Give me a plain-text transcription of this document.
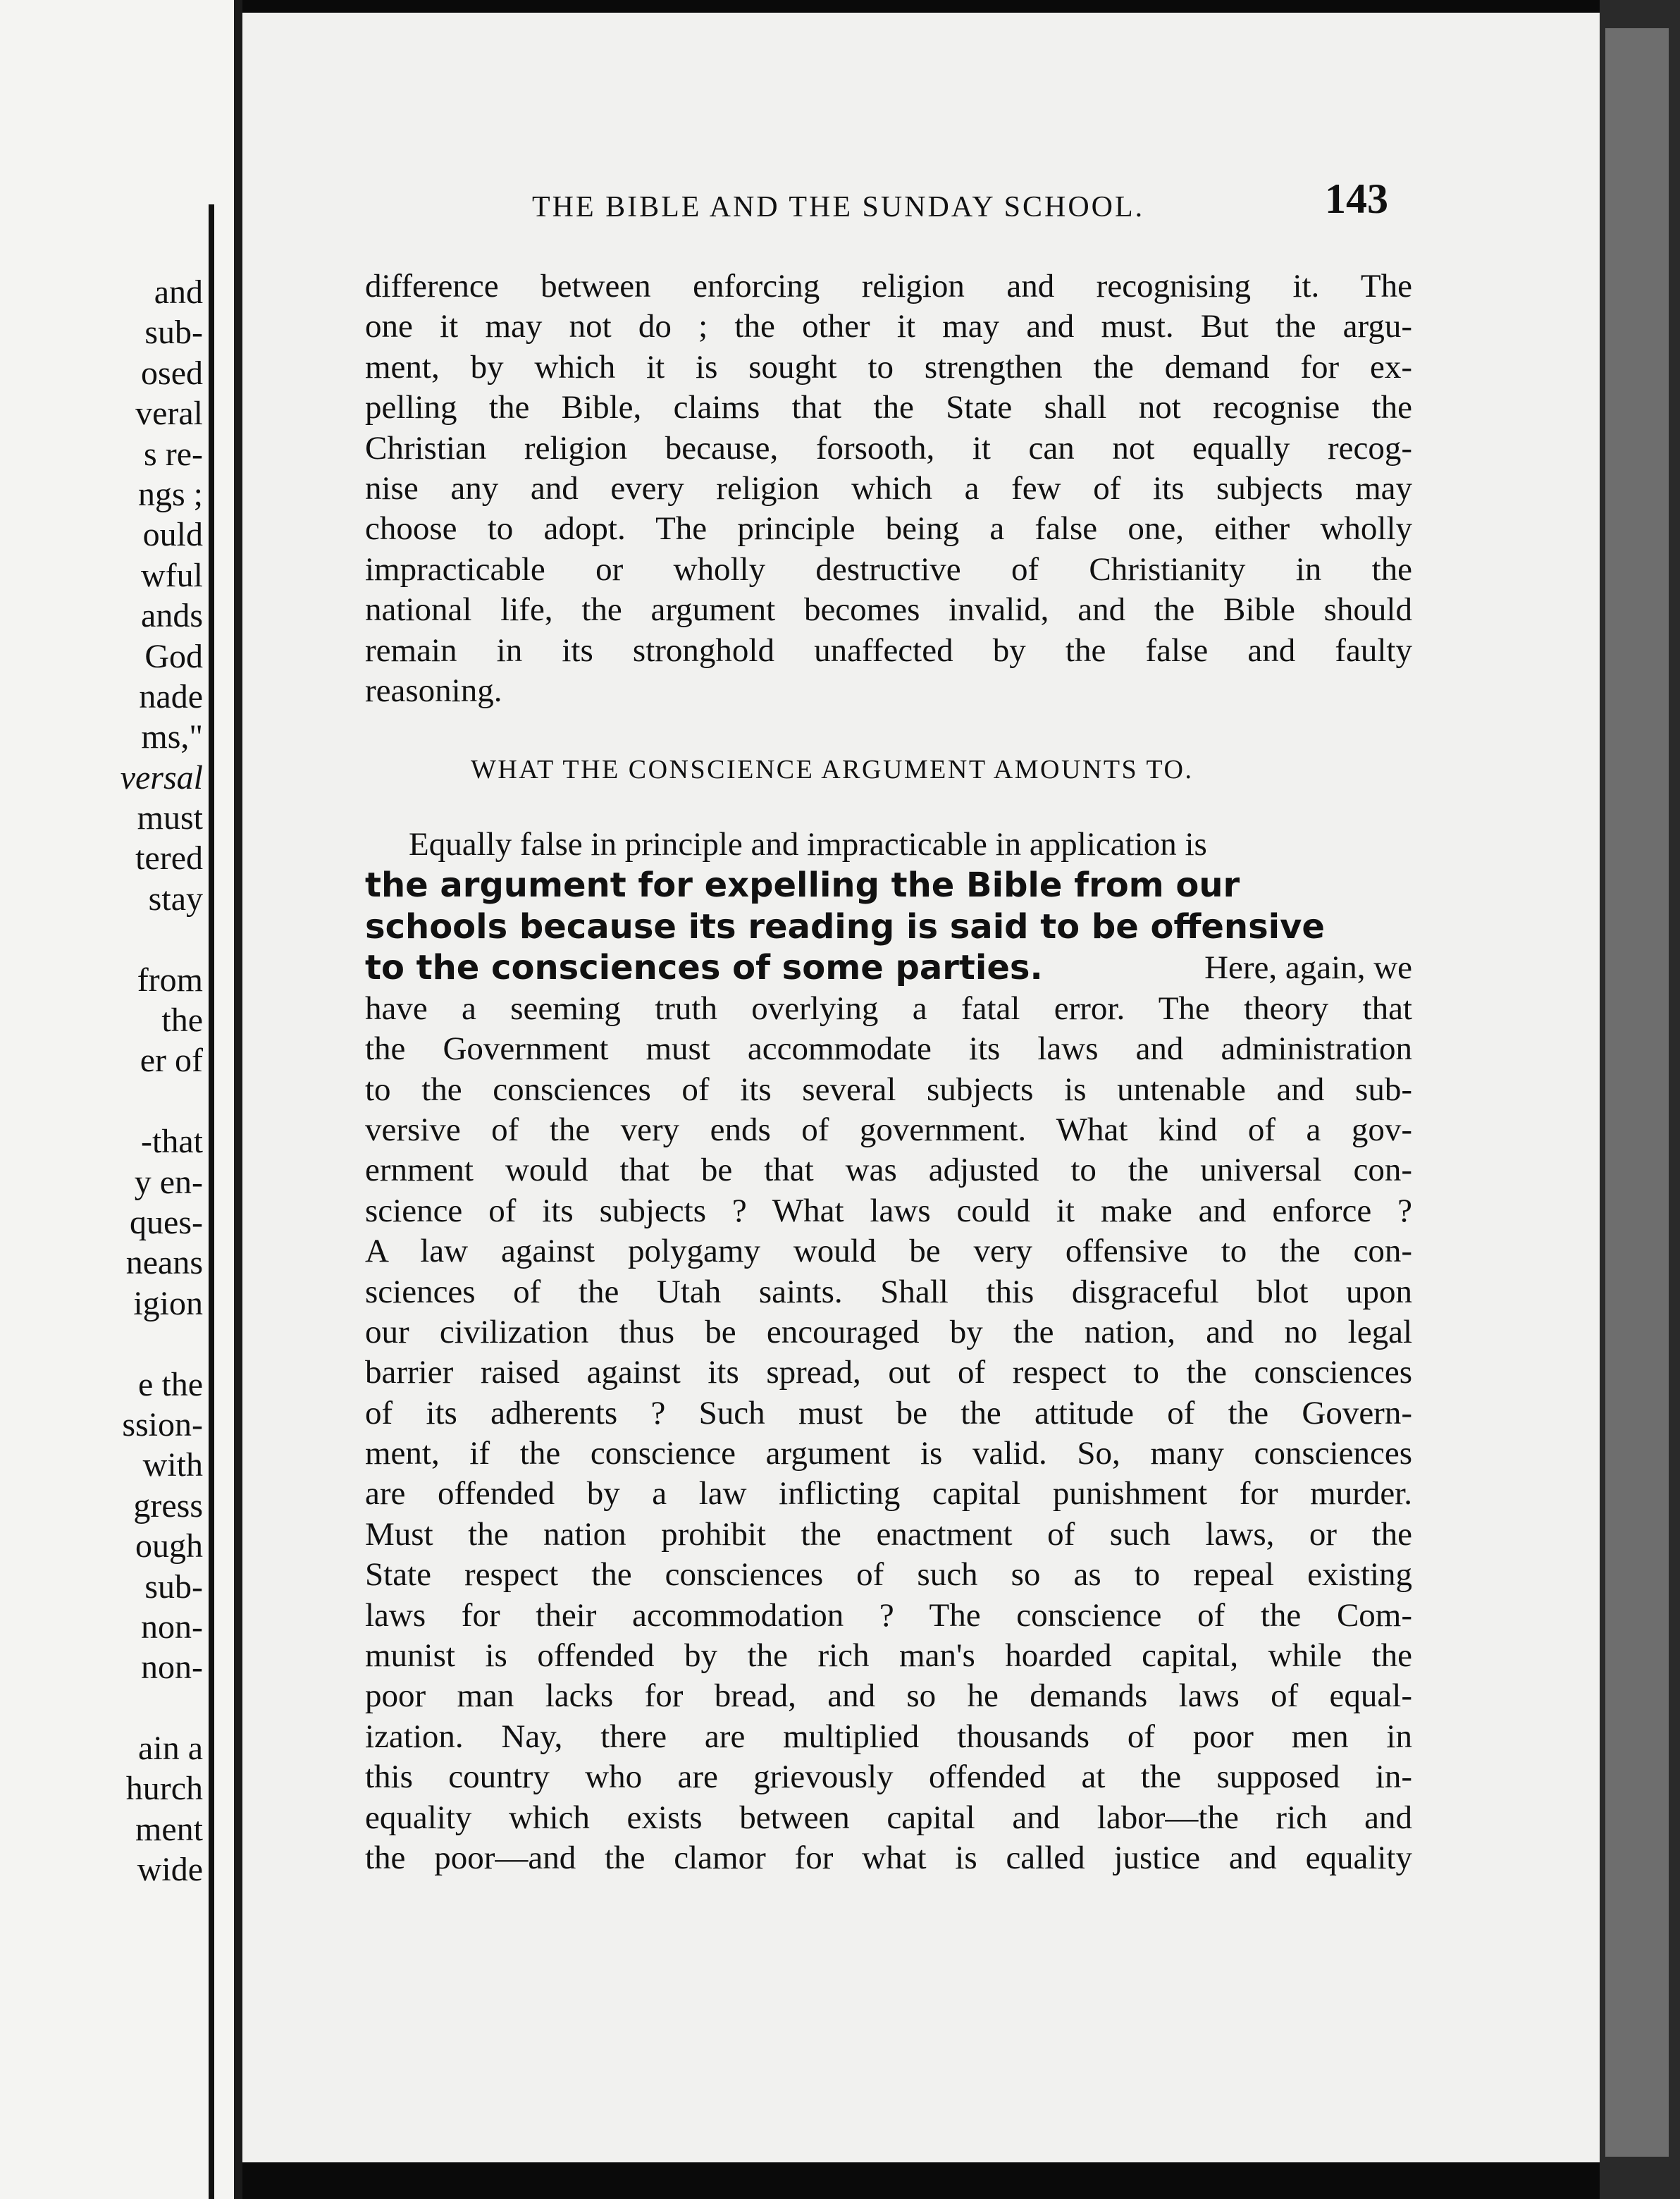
and
sub-
osed
veral
s re-
ngs ;
ould
wful
ands
God
nade
ms,"
versal
must
tered
stay
from
the
er of
-that
y en-
ques-
neans
igion
e the
ssion-
with
gress
ough
sub-
non-
non-
ain a
hurch
ment
wide
THE BIBLE AND THE SUNDAY SCHOOL.	143
difference between enforcing religion and recognising it. The
one it may not do ; the other it may and must. But the argu-
ment, by which it is sought to strengthen the demand for ex-
pelling the Bible, claims that the State shall not recognise the
Christian religion because, forsooth, it can not equally recog-
nise any and every religion which a few of its subjects may
choose to adopt. The principle being a false one, either wholly
impracticable or wholly destructive of Christianity in the
national life, the argument becomes invalid, and the Bible should
remain in its stronghold unaffected by the false and faulty
reasoning.
WHAT THE CONSCIENCE ARGUMENT AMOUNTS TO.
Equally false in principle and impracticable in application is
the argument for expelling the Bible from our
schools because its reading is said to be offensive
to the consciences of some parties.	Here, again, we
have a seeming truth overlying a fatal error. The theory that
the Government must accommodate its laws and administration
to the consciences of its several subjects is untenable and sub-
versive of the very ends of government. What kind of a gov-
ernment would that be that was adjusted to the universal con-
science of its subjects ? What laws could it make and enforce ?
A law against polygamy would be very offensive to the con-
sciences of the Utah saints. Shall this disgraceful blot upon
our civilization thus be encouraged by the nation, and no legal
barrier raised against its spread, out of respect to the consciences
of its adherents ? Such must be the attitude of the Govern-
ment, if the conscience argument is valid. So, many consciences
are offended by a law inflicting capital punishment for murder.
Must the nation prohibit the enactment of such laws, or the
State respect the consciences of such so as to repeal existing
laws for their accommodation ? The conscience of the Com-
munist is offended by the rich man's hoarded capital, while the
poor man lacks for bread, and so he demands laws of equal-
ization. Nay, there are multiplied thousands of poor men in
this country who are grievously offended at the supposed in-
equality which exists between capital and labor—the rich and
the poor—and the clamor for what is called justice and equality
